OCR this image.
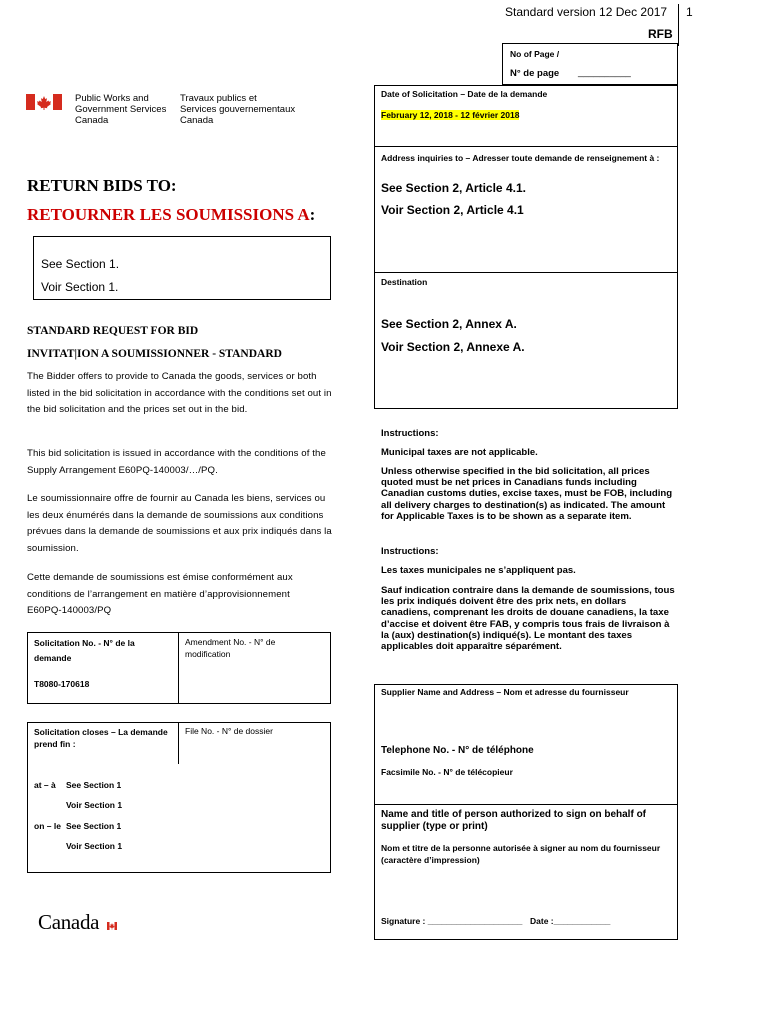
Standard version 12 Dec 2017 1
RFB
No of Page /
N° de page __________
Public Works and
Government Services
Canada
Travaux publics et
Services gouvernementaux
Canada
Date of Solicitation – Date de la demande
February 12, 2018 - 12 février 2018
Address inquiries to – Adresser toute demande de renseignement à :
See Section 2, Article 4.1.
Voir Section 2, Article 4.1
Destination
See Section 2, Annex A.
Voir Section 2, Annexe A.
Instructions:
Municipal taxes are not applicable.
Unless otherwise specified in the bid solicitation, all prices quoted must be net prices in Canadians funds including Canadian customs duties, excise taxes, must be FOB, including all delivery charges to destination(s) as indicated. The amount for Applicable Taxes is to be shown as a separate item.
Instructions:
Les taxes municipales ne s’appliquent pas.
Sauf indication contraire dans la demande de soumissions, tous les prix indiqués doivent être des prix nets, en dollars canadiens, comprenant les droits de douane canadiens, la taxe d’accise et doivent être FAB, y compris tous frais de livraison à la (aux) destination(s) indiqué(s). Le montant des taxes applicables doit apparaître séparément.
Supplier Name and Address – Nom et adresse du fournisseur
Telephone No. - N° de téléphone
Facsimile No. - N° de télécopieur
Name and title of person authorized to sign on behalf of supplier (type or print)
Nom et titre de la personne autorisée à signer au nom du fournisseur (caractère d’impression)
Signature : ____________________ Date :____________
RETURN BIDS TO:
RETOURNER LES SOUMISSIONS A:
See Section 1.
Voir Section 1.
STANDARD REQUEST FOR BID
INVITAT|ION A SOUMISSIONNER - STANDARD
The Bidder offers to provide to Canada the goods, services or both listed in the bid solicitation in accordance with the conditions set out in the bid solicitation and the prices set out in the bid.
This bid solicitation is issued in accordance with the conditions of the Supply Arrangement E60PQ-140003/…/PQ.
Le soumissionnaire offre de fournir au Canada les biens, services ou les deux énumérés dans la demande de soumissions aux conditions prévues dans la demande de soumissions et aux prix indiqués dans la soumission.
Cette demande de soumissions est émise conformément aux conditions de l’arrangement en matière d’approvisionnement E60PQ-140003/PQ
Solicitation No. - N° de la demande
T8080-170618
Amendment No. - N° de modification
Solicitation closes – La demande prend fin :
File No. - N° de dossier
at – à See Section 1
Voir Section 1
on – le See Section 1
Voir Section 1
Canada
